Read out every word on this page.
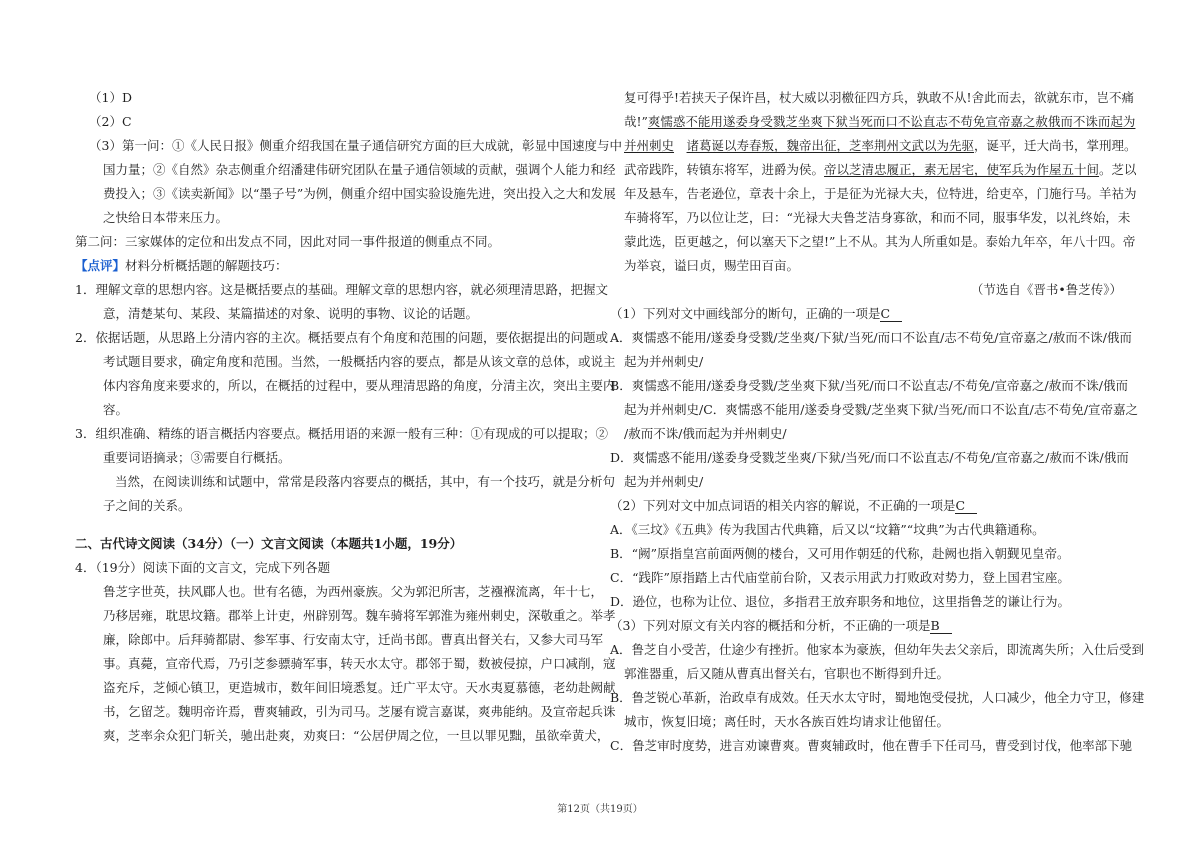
（1）D
（2）C
（3）第一问：①《人民日报》侧重介绍我国在量子通信研究方面的巨大成就，彰显中国速度与中
国力量；②《自然》杂志侧重介绍潘建伟研究团队在量子通信领域的贡献，强调个人能力和经
费投入；③《读卖新闻》以“墨子号”为例，侧重介绍中国实验设施先进，突出投入之大和发展
之快给日本带来压力。
第二问：三家媒体的定位和出发点不同，因此对同一事件报道的侧重点不同。
【点评】材料分析概括题的解题技巧：
1．理解文章的思想内容。这是概括要点的基础。理解文章的思想内容，就必须理清思路，把握文
意，清楚某句、某段、某篇描述的对象、说明的事物、议论的话题。
2．依据话题，从思路上分清内容的主次。概括要点有个角度和范围的问题，要依据提出的问题或
考试题目要求，确定角度和范围。当然，一般概括内容的要点，都是从该文章的总体，或说主
体内容角度来要求的，所以，在概括的过程中，要从理清思路的角度，分清主次，突出主要内
容。
3．组织准确、精练的语言概括内容要点。概括用语的来源一般有三种：①有现成的可以提取；②
重要词语摘录；③需要自行概括。
当然，在阅读训练和试题中，常常是段落内容要点的概括，其中，有一个技巧，就是分析句
子之间的关系。
二、古代诗文阅读（34分）（一）文言文阅读（本题共1小题，19分）
4．（19分）阅读下面的文言文，完成下列各题
鲁芝字世英，扶风郿人也。世有名德，为西州豪族。父为郭汜所害，芝襁褓流离，年十七，
乃移居雍，耽思坟籍。郡举上计吏，州辟别驾。魏车骑将军郭淮为雍州刺史，深敬重之。举孝
廉，除郎中。后拜骑都尉、参军事、行安南太守，迁尚书郎。曹真出督关右，又参大司马军
事。真薨，宣帝代焉，乃引芝参骠骑军事，转天水太守。郡邻于蜀，数被侵掠，户口减削，寇
盗充斥，芝倾心镇卫，更造城市，数年间旧境悉复。迁广平太守。天水夷夏慕德，老幼赴阙献
书，乞留芝。魏明帝许焉，曹爽辅政，引为司马。芝屡有谠言嘉谋，爽弗能纳。及宣帝起兵诛
爽，芝率余众犯门斩关，驰出赴爽，劝爽曰：“公居伊周之位，一旦以罪见黜，虽欲牵黄犬，
复可得乎!若挟天子保许昌，杖大威以羽檄征四方兵，孰敢不从!舍此而去，欲就东市，岂不痛
哉!”爽懦惑不能用遂委身受戮芝坐爽下狱当死而口不讼直志不苟免宣帝嘉之赦俄而不诛而起为
并州刺史　 诸葛诞以寿春叛，魏帝出征，芝率荆州文武以为先驱，诞平，迁大尚书，掌刑理。
武帝践阼，转镇东将军，进爵为侯。帝以芝清忠履正，素无居宅，使军兵为作屋五十间。芝以
年及悬车，告老逊位，章表十余上，于是征为光禄大夫，位特进，给吏卒，门施行马。羊祜为
车骑将军，乃以位让芝，曰：“光禄大夫鲁芝洁身寡欲，和而不同，服事华发，以礼终始，未
蒙此选，臣更越之，何以塞天下之望!”上不从。其为人所重如是。泰始九年卒，年八十四。帝
为举哀，谥曰贞，赐茔田百亩。
（节选自《晋书•鲁芝传》）
（1）下列对文中画线部分的断句，正确的一项是C
A．爽懦惑不能用/遂委身受戮/芝坐爽/下狱/当死/而口不讼直/志不苟免/宣帝嘉之/赦而不诛/俄而
起为并州刺史/
B．爽懦惑不能用/遂委身受戮/芝坐爽下狱/当死/而口不讼直志/不苟免/宣帝嘉之/赦而不诛/俄而
起为并州刺史/C．爽懦惑不能用/遂委身受戮/芝坐爽下狱/当死/而口不讼直/志不苟免/宣帝嘉之
/赦而不诛/俄而起为并州刺史/
D．爽懦惑不能用/遂委身受戮芝坐爽/下狱/当死/而口不讼直志/不苟免/宣帝嘉之/赦而不诛/俄而
起为并州刺史/
（2）下列对文中加点词语的相关内容的解说，不正确的一项是C
A．《三坟》《五典》传为我国古代典籍，后又以“坟籍”“坟典”为古代典籍通称。
B．“阙”原指皇宫前面两侧的楼台，又可用作朝廷的代称，赴阙也指入朝觐见皇帝。
C．“践阼”原指踏上古代庙堂前台阶，又表示用武力打败政对势力，登上国君宝座。
D．逊位，也称为让位、退位，多指君王放弃职务和地位，这里指鲁芝的谦让行为。
（3）下列对原文有关内容的概括和分析，不正确的一项是B
A．鲁芝自小受苦，仕途少有挫折。他家本为豪族，但幼年失去父亲后，即流离失所；入仕后受到
郭淮器重，后又随从曹真出督关右，官职也不断得到升迁。
B．鲁芝锐心革新，治政卓有成效。任天水太守时，蜀地饱受侵扰，人口减少，他全力守卫，修建
城市，恢复旧境；离任时，天水各族百姓均请求让他留任。
C．鲁芝审时度势，进言劝谏曹爽。曹爽辅政时，他在曹手下任司马，曹受到讨伐，他率部下驰
第12页（共19页）
